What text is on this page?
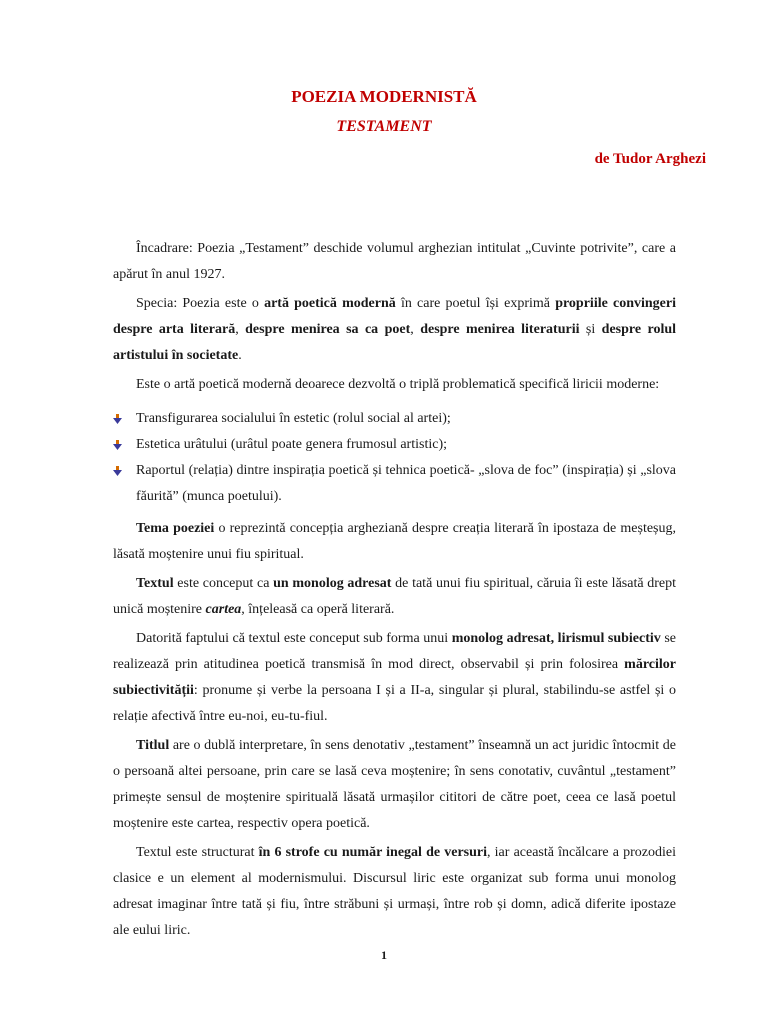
POEZIA MODERNISTĂ
TESTAMENT
de Tudor Arghezi

Încadrare: Poezia „Testament” deschide volumul arghezian intitulat „Cuvinte potrivite”, care a apărut în anul 1927.

Specia: Poezia este o artă poetică modernă în care poetul își exprimă propriile convingeri despre arta literară, despre menirea sa ca poet, despre menirea literaturii și despre rolul artistului în societate.

Este o artă poetică modernă deoarece dezvoltă o triplă problematică specifică liricii moderne:

Transfigurarea socialului în estetic (rolul social al artei);
Estetica urâtului (urâtul poate genera frumosul artistic);
Raportul (relația) dintre inspirația poetică și tehnica poetică- „slova de foc” (inspirația) și „slova făurită” (munca poetului).

Tema poeziei o reprezintă concepția argheziană despre creația literară în ipostaza de meșteșug, lăsată moștenire unui fiu spiritual.

Textul este conceput ca un monolog adresat de tată unui fiu spiritual, căruia îi este lăsată drept unică moștenire cartea, înțeleasă ca operă literară.

Datorită faptului că textul este conceput sub forma unui monolog adresat, lirismul subiectiv se realizează prin atitudinea poetică transmisă în mod direct, observabil și prin folosirea mărcilor subiectivității: pronume și verbe la persoana I și a II-a, singular și plural, stabilindu-se astfel și o relație afectivă între eu-noi, eu-tu-fiul.

Titlul are o dublă interpretare, în sens denotativ „testament” înseamnă un act juridic întocmit de o persoană altei persoane, prin care se lasă ceva moștenire; în sens conotativ, cuvântul „testament” primește sensul de moștenire spirituală lăsată urmașilor cititori de către poet, ceea ce lasă poetul moștenire este cartea, respectiv opera poetică.

Textul este structurat în 6 strofe cu număr inegal de versuri, iar această încălcare a prozodiei clasice e un element al modernismului. Discursul liric este organizat sub forma unui monolog adresat imaginar între tată și fiu, între străbuni și urmași, între rob și domn, adică diferite ipostaze ale eului liric.

1
